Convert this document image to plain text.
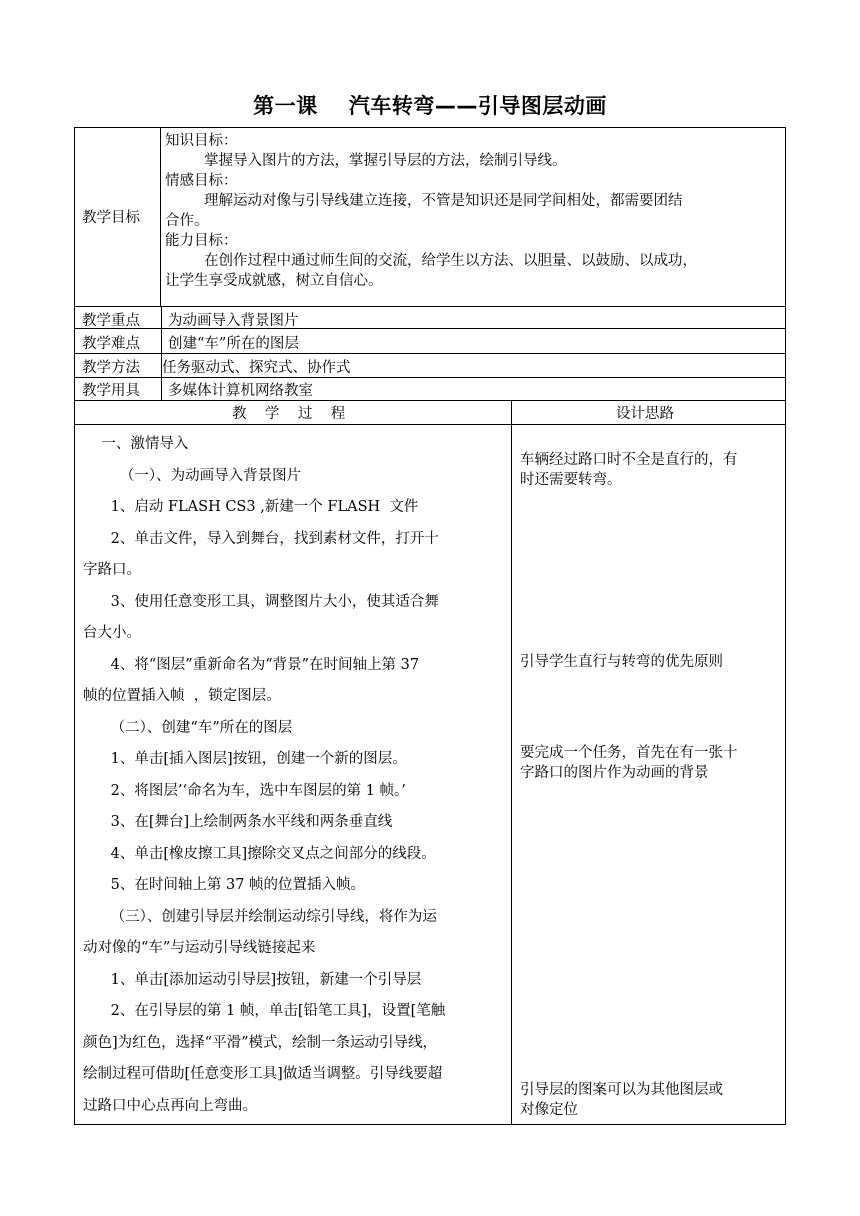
第一课    汽车转弯——引导图层动画
教学目标
知识目标：
掌握导入图片的方法，掌握引导层的方法，绘制引导线。
情感目标：
理解运动对像与引导线建立连接，不管是知识还是同学间相处，都需要团结
合作。
能力目标：
在创作过程中通过师生间的交流，给学生以方法、以胆量、以鼓励、以成功，
让学生享受成就感，树立自信心。
教学重点 为动画导入背景图片
教学难点 创建“车”所在的图层
教学方法 任务驱动式、探究式、协作式
教学用具 多媒体计算机网络教室
教    学    过    程	设计思路
一、激情导入
（一）、为动画导入背景图片
1、启动 FLASH CS3 ,新建一个 FLASH  文件
2、单击文件，导入到舞台，找到素材文件，打开十
字路口。
3、使用任意变形工具，调整图片大小，使其适合舞
台大小。
4、将“图层”重新命名为“背景”在时间轴上第 37
帧的位置插入帧  ，锁定图层。
（二）、创建“车”所在的图层
1、单击[插入图层]按钮，创建一个新的图层。
2、将图层’‘命名为车，选中车图层的第 1 帧。’
3、在[舞台]上绘制两条水平线和两条垂直线
4、单击[橡皮擦工具]擦除交叉点之间部分的线段。
5、在时间轴上第 37 帧的位置插入帧。
（三）、创建引导层并绘制运动综引导线，将作为运
动对像的“车”与运动引导线链接起来
1、单击[添加运动引导层]按钮，新建一个引导层
2、在引导层的第 1 帧，单击[铅笔工具]，设置[笔触
颜色]为红色，选择“平滑”模式，绘制一条运动引导线，
绘制过程可借助[任意变形工具]做适当调整。引导线要超
过路口中心点再向上弯曲。
车辆经过路口时不全是直行的，有
时还需要转弯。
引导学生直行与转弯的优先原则
要完成一个任务，首先在有一张十
字路口的图片作为动画的背景
引导层的图案可以为其他图层或
对像定位
